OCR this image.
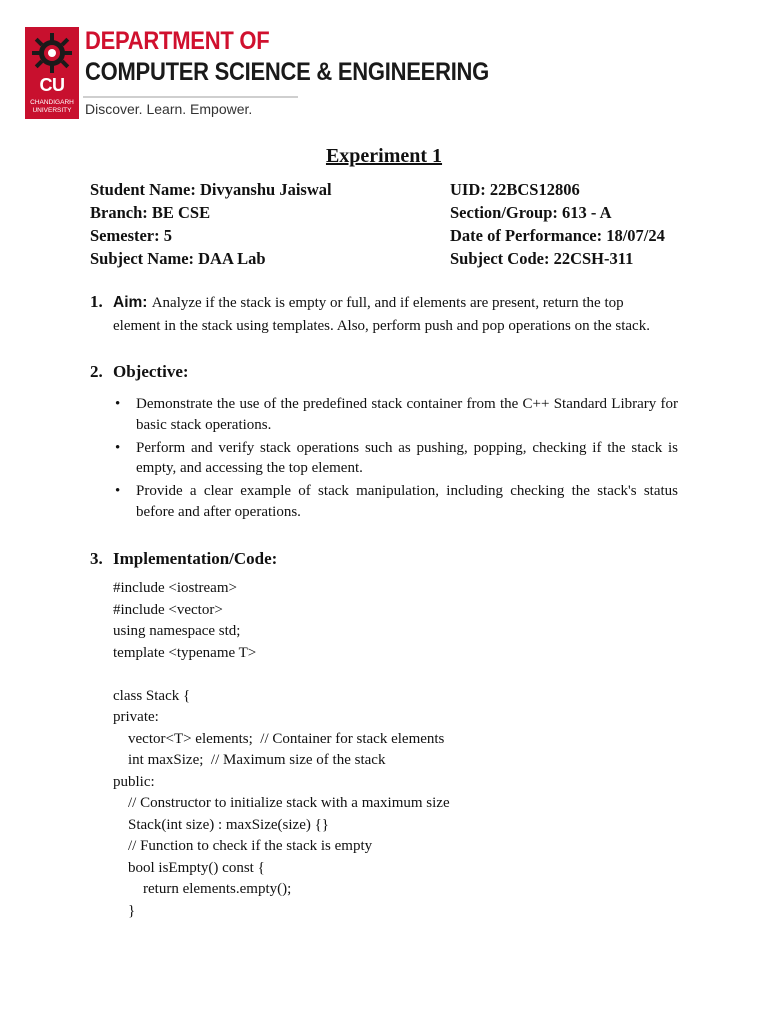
CU
CHANDIGARH UNIVERSITY
DEPARTMENT OF
COMPUTER SCIENCE & ENGINEERING
Discover. Learn. Empower.
Experiment 1
Student Name: Divyanshu Jaiswal	UID: 22BCS12806
Branch: BE CSE	Section/Group: 613 - A
Semester: 5	Date of Performance: 18/07/24
Subject Name: DAA Lab	Subject Code: 22CSH-311
1. Aim: Analyze if the stack is empty or full, and if elements are present, return the top
element in the stack using templates. Also, perform push and pop operations on the stack.
2. Objective:
• Demonstrate the use of the predefined stack container from the C++ Standard Library for basic stack operations.
• Perform and verify stack operations such as pushing, popping, checking if the stack is empty, and accessing the top element.
• Provide a clear example of stack manipulation, including checking the stack's status before and after operations.
3. Implementation/Code:
#include <iostream>
#include <vector>
using namespace std;
template <typename T>

class Stack {
private:
vector<T> elements;  // Container for stack elements
int maxSize;  // Maximum size of the stack
public:
// Constructor to initialize stack with a maximum size
Stack(int size) : maxSize(size) {}
// Function to check if the stack is empty
bool isEmpty() const {
return elements.empty();
}
